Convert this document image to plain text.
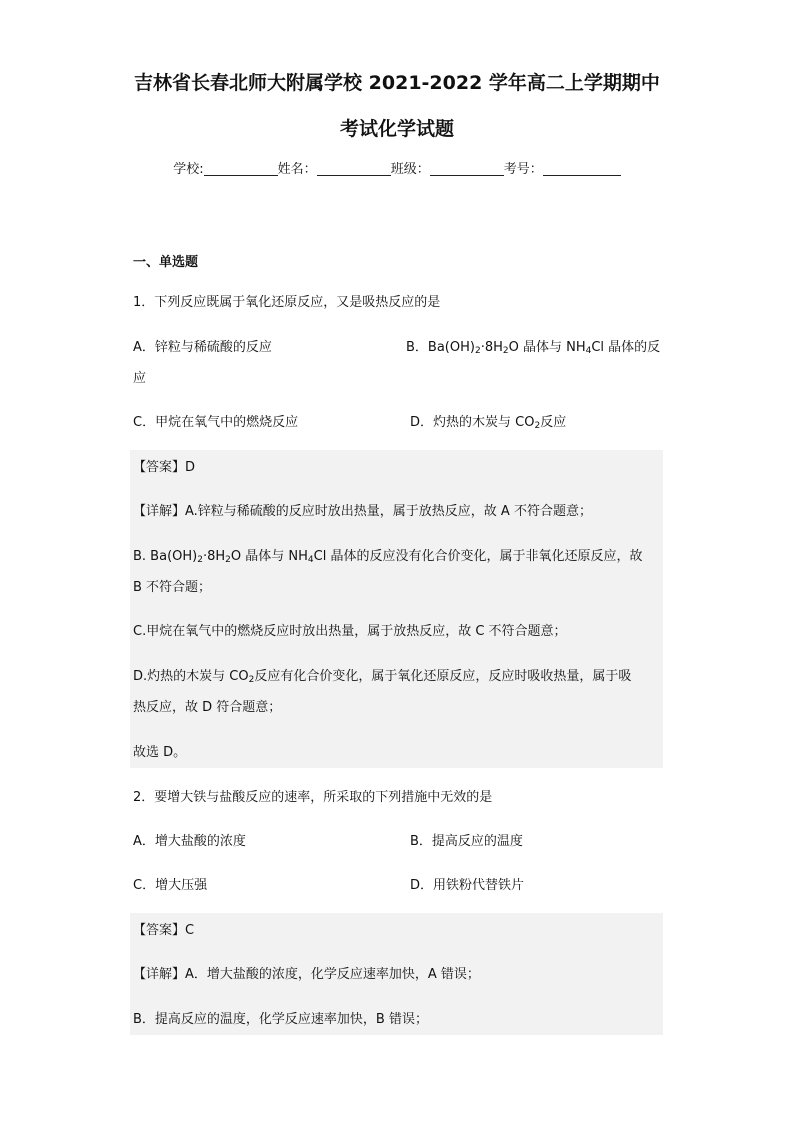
吉林省长春北师大附属学校 2021-2022 学年高二上学期期中
考试化学试题
学校:	姓名：	班级：	考号：
一、单选题
1．下列反应既属于氧化还原反应，又是吸热反应的是
A．锌粒与稀硫酸的反应	B．$Ba(OH)_2\cdot 8H_2O$ 晶体与 $NH_4Cl$ 晶体的反
应
C．甲烷在氧气中的燃烧反应	D．灼热的木炭与 $CO_2$反应
【答案】D
【详解】A.锌粒与稀硫酸的反应时放出热量，属于放热反应，故 A 不符合题意；
B. $Ba(OH)_2\cdot 8H_2O$ 晶体与 $NH_4Cl$ 晶体的反应没有化合价变化，属于非氧化还原反应，故
B 不符合题；
C.甲烷在氧气中的燃烧反应时放出热量，属于放热反应，故 C 不符合题意；
D.灼热的木炭与 $CO_2$反应有化合价变化，属于氧化还原反应，反应时吸收热量，属于吸
热反应，故 D 符合题意；
故选 D。
2．要增大铁与盐酸反应的速率，所采取的下列措施中无效的是
A．增大盐酸的浓度	B．提高反应的温度
C．增大压强	D．用铁粉代替铁片
【答案】C
【详解】A．增大盐酸的浓度，化学反应速率加快，A 错误；
B．提高反应的温度，化学反应速率加快，B 错误；
